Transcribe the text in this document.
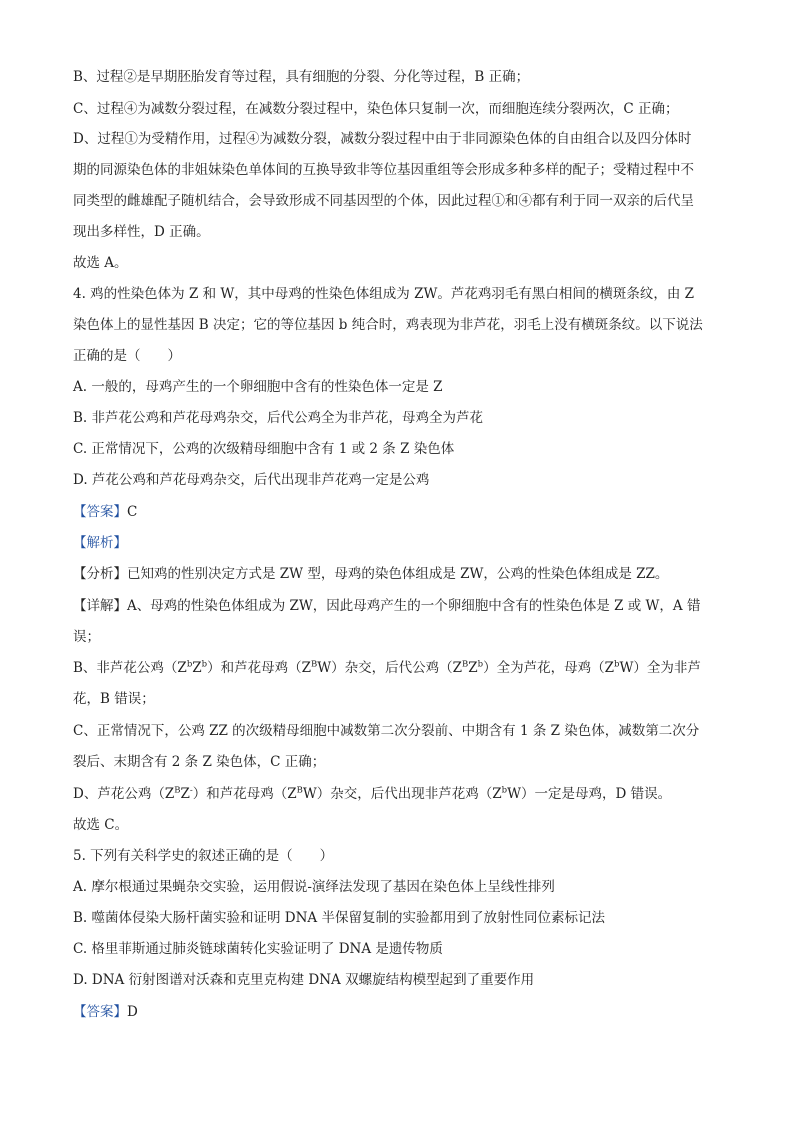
B、过程②是早期胚胎发育等过程，具有细胞的分裂、分化等过程，B 正确；
C、过程④为减数分裂过程，在减数分裂过程中，染色体只复制一次，而细胞连续分裂两次，C 正确；
D、过程①为受精作用，过程④为减数分裂，减数分裂过程中由于非同源染色体的自由组合以及四分体时
期的同源染色体的非姐妹染色单体间的互换导致非等位基因重组等会形成多种多样的配子；受精过程中不
同类型的雌雄配子随机结合，会导致形成不同基因型的个体，因此过程①和④都有利于同一双亲的后代呈
现出多样性，D 正确。
故选 A。
4. 鸡的性染色体为 Z 和 W，其中母鸡的性染色体组成为 ZW。芦花鸡羽毛有黑白相间的横斑条纹，由 Z
染色体上的显性基因 B 决定；它的等位基因 b 纯合时，鸡表现为非芦花，羽毛上没有横斑条纹。以下说法
正确的是（　　）
A. 一般的，母鸡产生的一个卵细胞中含有的性染色体一定是 Z
B. 非芦花公鸡和芦花母鸡杂交，后代公鸡全为非芦花，母鸡全为芦花
C. 正常情况下，公鸡的次级精母细胞中含有 1 或 2 条 Z 染色体
D. 芦花公鸡和芦花母鸡杂交，后代出现非芦花鸡一定是公鸡
【答案】C
【解析】
【分析】已知鸡的性别决定方式是 ZW 型，母鸡的染色体组成是 ZW，公鸡的性染色体组成是 ZZ。
【详解】A、母鸡的性染色体组成为 ZW，因此母鸡产生的一个卵细胞中含有的性染色体是 Z 或 W，A 错
误；
B、非芦花公鸡$(Z^bZ^b)$和芦花母鸡$(Z^BW)$杂交，后代公鸡$(Z^BZ^b)$全为芦花，母鸡$(Z^bW)$全为非芦
花，B 错误；
C、正常情况下，公鸡 ZZ 的次级精母细胞中减数第二次分裂前、中期含有 1 条 Z 染色体，减数第二次分
裂后、末期含有 2 条 Z 染色体，C 正确；
D、芦花公鸡$(Z^BZ^-)$和芦花母鸡$(Z^BW)$杂交，后代出现非芦花鸡$(Z^bW)$一定是母鸡，D 错误。
故选 C。
5. 下列有关科学史的叙述正确的是（　　）
A. 摩尔根通过果蝇杂交实验，运用假说-演绎法发现了基因在染色体上呈线性排列
B. 噬菌体侵染大肠杆菌实验和证明 DNA 半保留复制的实验都用到了放射性同位素标记法
C. 格里菲斯通过肺炎链球菌转化实验证明了 DNA 是遗传物质
D. DNA 衍射图谱对沃森和克里克构建 DNA 双螺旋结构模型起到了重要作用
【答案】D
